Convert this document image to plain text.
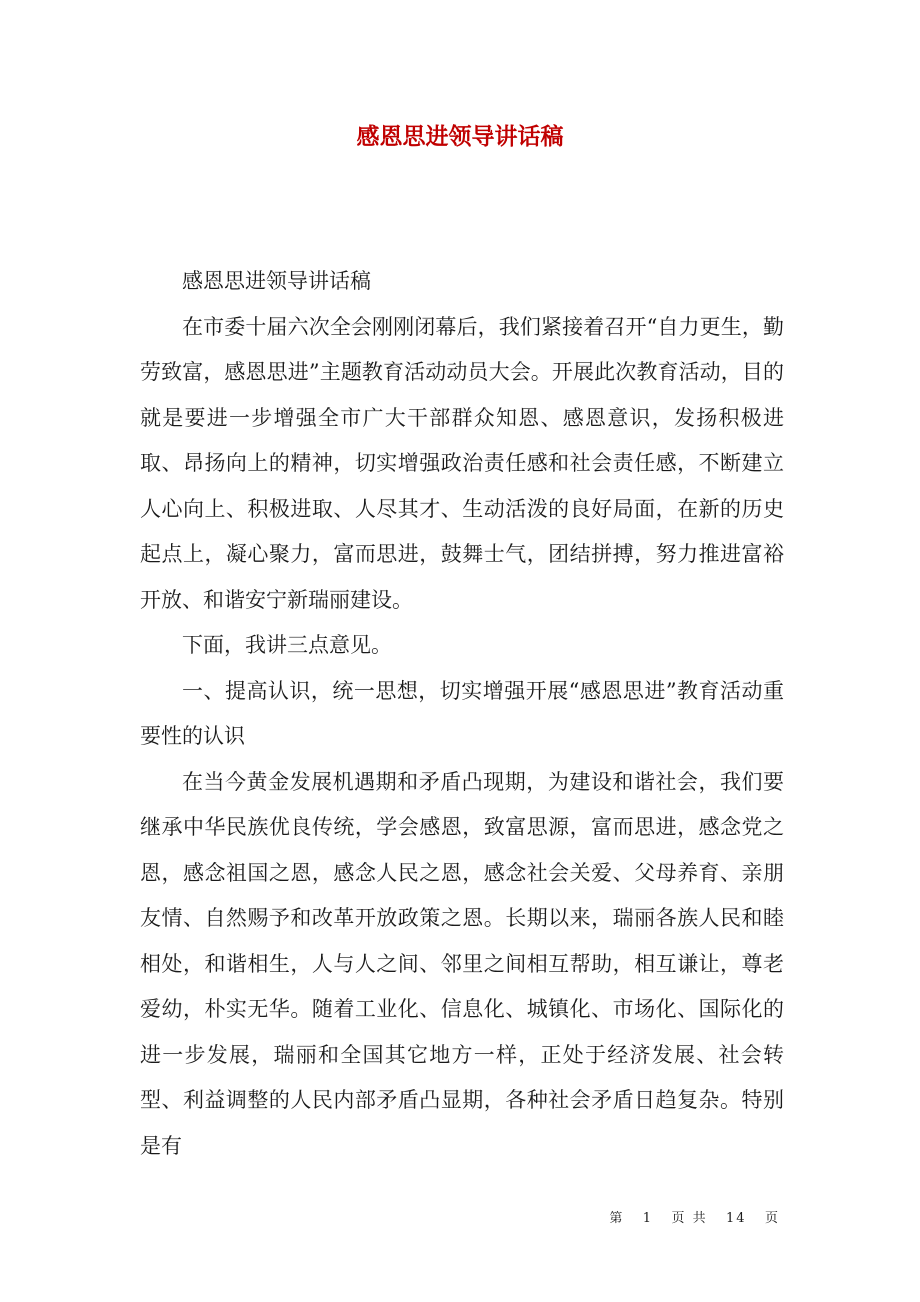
感恩思进领导讲话稿

感恩思进领导讲话稿

在市委十届六次全会刚刚闭幕后，我们紧接着召开“自力更生，勤劳致富，感恩思进”主题教育活动动员大会。开展此次教育活动，目的就是要进一步增强全市广大干部群众知恩、感恩意识，发扬积极进取、昂扬向上的精神，切实增强政治责任感和社会责任感，不断建立人心向上、积极进取、人尽其才、生动活泼的良好局面，在新的历史起点上，凝心聚力，富而思进，鼓舞士气，团结拼搏，努力推进富裕开放、和谐安宁新瑞丽建设。

下面，我讲三点意见。

一、提高认识，统一思想，切实增强开展“感恩思进”教育活动重要性的认识

在当今黄金发展机遇期和矛盾凸现期，为建设和谐社会，我们要继承中华民族优良传统，学会感恩，致富思源，富而思进，感念党之恩，感念祖国之恩，感念人民之恩，感念社会关爱、父母养育、亲朋友情、自然赐予和改革开放政策之恩。长期以来，瑞丽各族人民和睦相处，和谐相生，人与人之间、邻里之间相互帮助，相互谦让，尊老爱幼，朴实无华。随着工业化、信息化、城镇化、市场化、国际化的进一步发展，瑞丽和全国其它地方一样，正处于经济发展、社会转型、利益调整的人民内部矛盾凸显期，各种社会矛盾日趋复杂。特别是有

第 1 页 共 14 页
